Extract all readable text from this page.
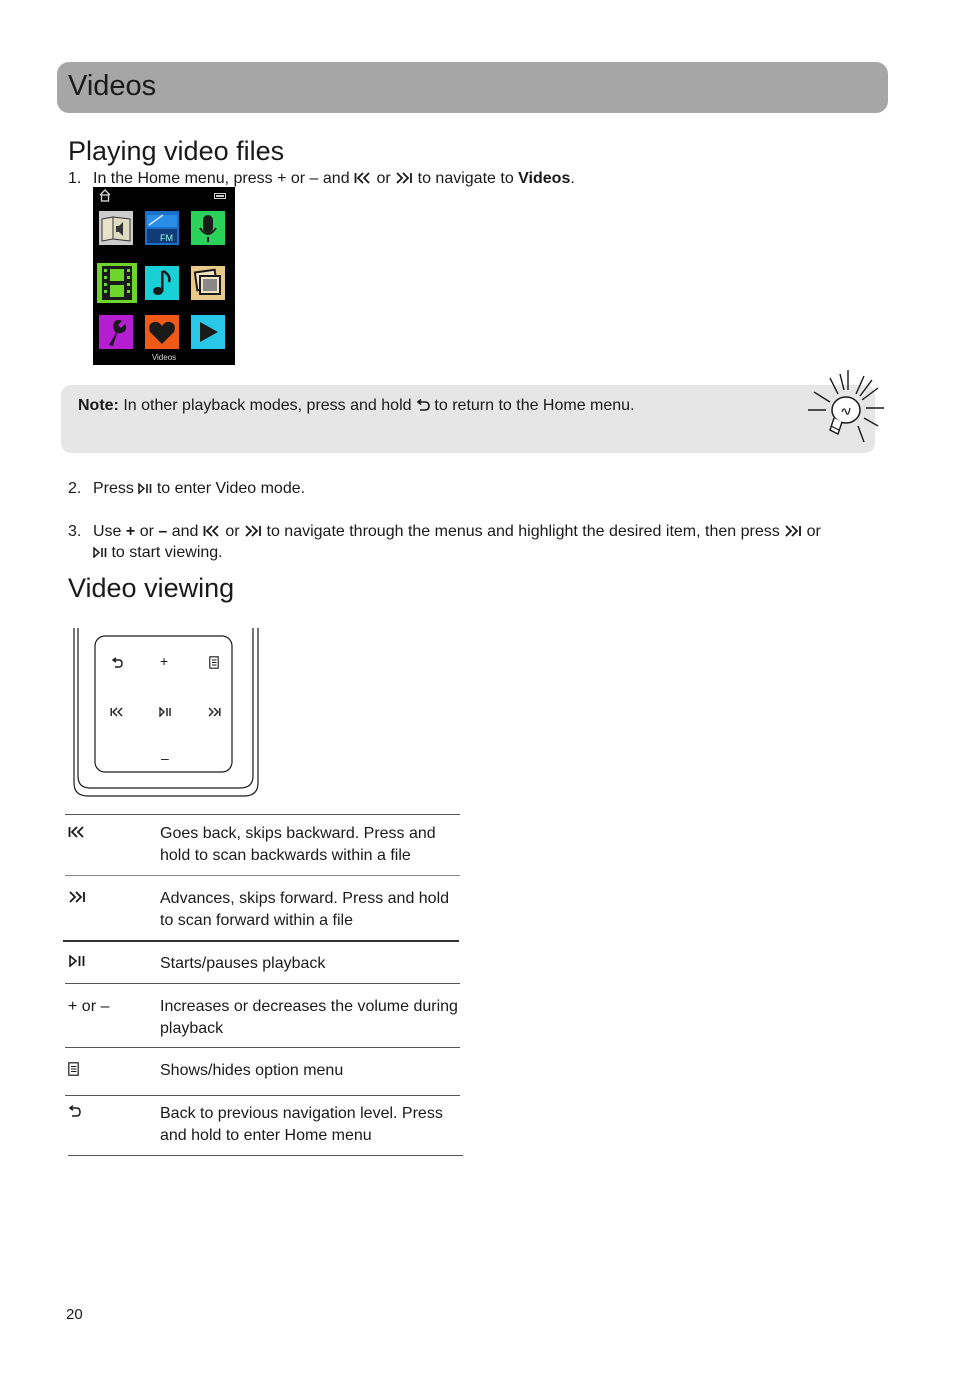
Videos
Playing video files
1. In the Home menu, press + or – and or to navigate to Videos.
FM
Videos
Note: In other playback modes, press and hold to return to the Home menu.
2. Press to enter Video mode.
3. Use + or – and or to navigate through the menus and highlight the desired item, then press or
to start viewing.
Video viewing
+
–
Goes back, skips backward. Press and hold to scan backwards within a file
Advances, skips forward. Press and hold to scan forward within a file
Starts/pauses playback
+ or –	Increases or decreases the volume during playback
Shows/hides option menu
Back to previous navigation level. Press and hold to enter Home menu
20
